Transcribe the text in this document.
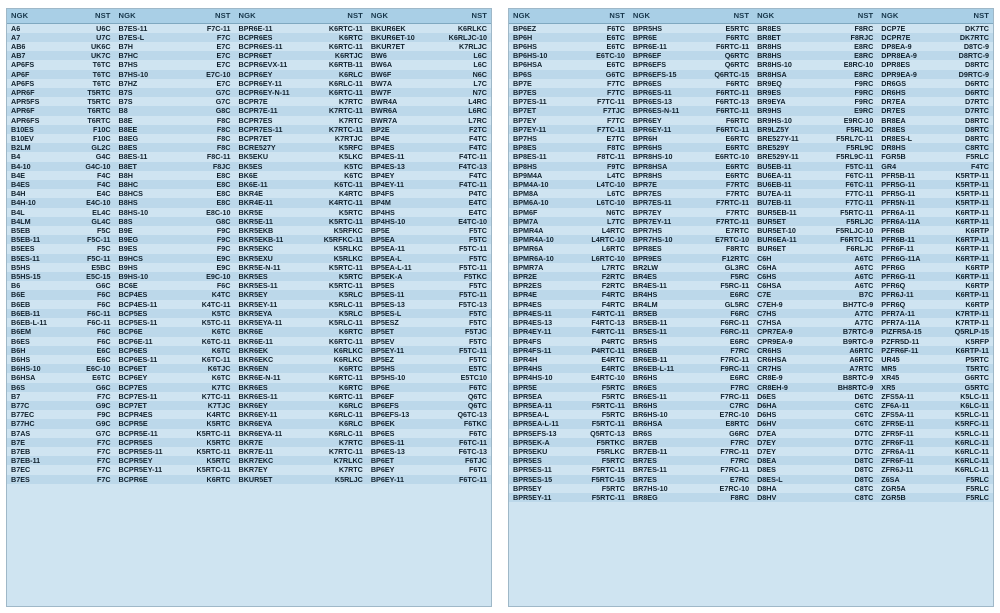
NGK	NST	NGK	NST	NGK	NST	NGK	NST
A6	U6C	B7ES-11	F7C-11	BPR6E-11	K6RTC-11	BKUR6EK	K6RLKC
A7	U7C	B7ES-L	F7C	BCPR6ES	K6RTC	BKUR6ET-10	K6RLJC-10
AB6	UK6C	B7H	E7C	BCPR6ES-11	K6RTC-11	BKUR7ET	K7RLJC
AB7	UK7C	B7HC	E7C	BCPR6ET	K6RTJC	BW6	L6C
AP6FS	T6TC	B7HS	E7C	BCPR6EVX-11	K6RTB-11	BW6A	L6C
AP6F	T6TC	B7HS-10	E7C-10	BCPR6EY	K6RLC	BW6F	N6C
AP6FS	T6TC	B7HZ	E7C	BCPR6EY-11	K6RLC-11	BW7A	L7C
APR6F	T5RTC	B7S	G7C	BCPR6EY-N-11	K6RTC-11	BW7F	N7C
APR5FS	T5RTC	B7S	G7C	BCPR7E	K7RTC	BWR4A	L4RC
APR6F	T6RTC	B8	G8C	BCPR7E-11	K7RTC-11	BWR6A	L6RC
APR6FS	T6RTC	B8E	F8C	BCPR7ES	K7RTC	BWR7A	L7RC
B10ES	F10C	B8EE	F8C	BCPR7ES-11	K7RTC-11	BP2E	F2TC
B10EV	F10C	B8EG	F8C	BCPR7ET	K7RTJC	BP4E	F4TC
B2LM	GL2C	B8ES	F8C	BCRE527Y	K5RFC	BP4ES	F4TC
B4	G4C	B8ES-11	F8C-11	BK5EKU	K5LKC	BP4ES-11	F4TC-11
B4-10	G4C-10	B8ET	F8JC	BK5ES	K5TC	BP4ES-13	F4TC-13
B4E	F4C	B8H	E8C	BK6E	K6TC	BP4EY	F4TC
B4ES	F4C	B8HC	E8C	BK6E-11	K6TC-11	BP4EY-11	F4TC-11
B4H	E4C	B8HCS	E8C	BKR4E	K4RTC	BP4FS	P4TC
B4H-10	E4C-10	B8HS	E8C	BKR4E-11	K4RTC-11	BP4M	E4TC
B4L	EL4C	B8HS-10	E8C-10	BKR5E	K5RTC	BP4HS	E4TC
B4LM	GL4C	B8S	G8C	BKR5E-11	K5RTC-11	BP4HS-10	E4TC-10
B5EB	F5C	B9E	F9C	BKR5EKB	K5RFKC	BP5E	F5TC
B5EB-11	F5C-11	B9EG	F9C	BKR5EKB-11	K5RFKC-11	BP5EA	F5TC
B5EES	F5C	B9ES	F9C	BKR5EKC	K5RLKC	BP5EA-11	F5TC-11
B5ES-11	F5C-11	B9HCS	E9C	BKR5EXU	K5RLKC	BP5EA-L	F5TC
B5HS	E5BC	B9HS	E9C	BKR5E-N-11	K5RTC-11	BP5EA-L-11	F5TC-11
B5HS-15	E5C-15	B9HS-10	E9C-10	BKR5ES	K5RTC	BP5EK-A	F5TKC
B6	G6C	BC6E	F6C	BKR5ES-11	K5RTC-11	BP5ES	F5TC
B6E	F6C	BCP4ES	K4TC	BKR5EY	K5RLC	BP5ES-11	F5TC-11
B6EB	F6C	BCP4ES-11	K4TC-11	BKR5EY-11	K5RLC-11	BP5ES-13	F5TC-13
B6EB-11	F6C-11	BCP5ES	K5TC	BKR5EYA	K5RLC	BP5ES-L	F5TC
B6EB-L-11	F6C-11	BCP5ES-11	K5TC-11	BKR5EYA-11	K5RLC-11	BP5ESZ	F5TC
B6EM	F6C	BCP6E	K6TC	BKR6E	K6RTC	BP5ET	F5TJC
B6ES	F6C	BCP6E-11	K6TC-11	BKR6E-11	K6RTC-11	BP5EV	F5TC
B6H	E6C	BCP6ES	K6TC	BKR6EK	K6RLKC	BP5EY-11	F5TC-11
B6HS	E6C	BCP6ES-11	K6TC-11	BKR6EKC	K6RLKC	BP5EZ	F5TC
B6HS-10	E6C-10	BCP6ET	K6TJC	BKR6EN	K6RTC	BP5HS	E5TC
B6HSA	E6TC	BCP6EY	K6TC	BKR6E-N-11	K6RTC-11	BP5HS-10	E5TC10
B6S	G6C	BCP7ES	K7TC	BKR6ES	K6RTC	BP6E	F6TC
B7	F7C	BCP7ES-11	K7TC-11	BKR6ES-11	K6RTC-11	BP6EF	Q6TC
B77C	G9C	BCP7ET	K7TJC	BKR6EY	K6RLC	BP6EFS	Q6TC
B77EC	F9C	BCPR4ES	K4RTC	BKR6EY-11	K6RLC-11	BP6EFS-13	Q6TC-13
B77HC	G9C	BCPR5E	K5RTC	BKR6EYA	K6RLC	BP6EK	F6TKC
B7AS	G7C	BCPR5E-11	K5RTC-11	BKR6EYA-11	K6RLC-11	BP6ES	F6TC
B7E	F7C	BCPR5ES	K5RTC	BKR7E	K7RTC	BP6ES-11	F6TC-11
B7EB	F7C	BCPR5ES-11	K5RTC-11	BKR7E-11	K7RTC-11	BP6ES-13	F6TC-13
B7EB-11	F7C	BCPR5EY	K5RTC	BKR7EKC	K7RLKC	BP6ET	F6TJC
B7EC	F7C	BCPR5EY-11	K5RTC-11	BKR7EY	K7RTC	BP6EY	F6TC
B7ES	F7C	BCPR6E	K6RTC	BKUR5ET	K5RLJC	BP6EY-11	F6TC-11
NGK	NST	NGK	NST	NGK	NST	NGK	NST
BP6EZ	F6TC	BPR5HS	E5RTC	BR8ES	F8RC	DCP7E	DK7TC
BP6H	E6TC	BPR6E	F6RTC	BR8ET	F8RJC	DCPR7E	DK7RTC
BP6HS	E6TC	BPR6E-11	F6RTC-11	BR8HS	E8RC	DP8EA-9	D8TC-9
BP6HS-10	E6TC-10	BPR6EF	Q6RTC	BR8HS	E8RC	DPR8EA-9	D8RTC-9
BP6HSA	E6TC	BPR6EFS	Q6RTC	BR8HS-10	E8RC-10	DPR8ES	D8RTC
BP6S	G6TC	BPR6EFS-15	Q6RTC-15	BR8HSA	E8RC	DPR9EA-9	D9RTC-9
BP7E	F7TC	BPR6ES	F6RTC	BR9EQ	F9RC	DR6GS	D6RTC
BP7ES	F7TC	BPR6ES-11	F6RTC-11	BR9ES	F9RC	DR6HS	D6RTC
BP7ES-11	F7TC-11	BPR6ES-13	F6RTC-13	BR9EYA	F9RC	DR7EA	D7RTC
BP7ET	F7TJC	BPR6ES-N-11	F6RTC-11	BR9HS	E9RC	DR7ES	D7RTC
BP7EY	F7TC	BPR6EY	F6RTC	BR9HS-10	E9RC-10	BR8EA	D8RTC
BP7EY-11	F7TC-11	BPR6EY-11	F6RTC-11	BR9LZ5Y	F5RLJC	DR8ES	D8RTC
BP7HS	E7TC	BPR6H	E6RTC	BRE527Y-11	F5RL7C-11	DR8ES-L	D8RTC
BP8ES	F8TC	BPR6HS	E6RTC	BRE529Y	F5RL9C	DR8HS	C8RTC
BP8ES-11	F8TC-11	BPR8HS-10	E6RTC-10	BRE529Y-11	F5RL9C-11	FGR5B	F5RLC
BP8HS	F9TC	BPR8HSA	E6RTC	BU5EB-11	F5TC-11	GR4	F4TC
BP9M4A	L4TC	BPR8HS	E6RTC	BU6EA-11	F6TC-11	PFR5B-11	K5RTP-11
BPM4A-10	L4TC-10	BPR7E	F7RTC	BU6EB-11	F6TC-11	PFR5G-11	K5RTP-11
BPM8A	L6TC	BPR7ES	F7RTC	BU7EA-11	F7TC-11	PFR5G-11	K5RTP-11
BPM6A-10	L6TC-10	BPR7ES-11	F7RTC-11	BU7EB-11	F7TC-11	PFR5N-11	K5RTP-11
BPM6F	N6TC	BPR7EY	F7RTC	BUR5EB-11	F5RTC-11	PFR6A-11	K6RTP-11
BPM7A	L7TC	BPR7EY-11	F7RTC-11	BUR5ET	F5RLJC	PFR6A-11A	K6RTP-11
BPMR4A	L4RTC	BPR7HS	E7RTC	BUR5ET-10	F5RLJC-10	PFR6B	K6RTP
BPMR4A-10	L4RTC-10	BPR7HS-10	E7RTC-10	BUR6EA-11	F6RTC-11	PFR6B-11	K6RTP-11
BPMR6A	L6RTC	BPR8ES	F8RTC	BUR6ET	F6RLJC	PFR6F-11	K6RTP-11
BPMR6A-10	L6RTC-10	BPR9ES	F12RTC	C6H	A6TC	PFR6G-11A	K6RTP-11
BPMR7A	L7RTC	BR2LW	GL3RC	C6HA	A6TC	PFR6G	K6RTP
BPR2E	F2RTC	BR4ES	F5RC	C6HS	A6TC	PFR6G-11	K6RTP-11
BPR2ES	F2RTC	BR4ES-11	F5RC-11	C6HSA	A6TC	PFR6Q	K6RTP
BPR4E	F4RTC	BR4HS	E6RC	C7E	B7C	PFR6J-11	K6RTP-11
BPR4ES	F4RTC	BR4LM	GL5RC	C7EH-9	BH7TC-9	PFR6Q	K6RTP
BPR4ES-11	F4RTC-11	BR5EB	F6RC	C7HS	A7TC	PFR7A-11	K7RTP-11
BPR4ES-13	F4RTC-13	BR5EB-11	F6RC-11	C7HSA	A7TC	PFR7A-11A	K7RTP-11
BPR4EY-11	F4RTC-11	BR5ES-11	F6RC-11	CPR7EA-9	B7RTC-9	PIZFR5A-15	Q5RLP-15
BPR4FS	P4RTC	BR5HS	E6RC	CPR9EA-9	B9RTC-9	PZFR5D-11	K5RFP
BPR4FS-11	P4RTC-11	BR6EB	F7RC	CR6HS	A6RTC	PZFR6F-11	K6RTP-11
BPR4H	E4RTC	BR6EB-11	F7RC-11	CR6HSA	A6RTC	UR45	P5RTC
BPR4HS	E4RTC	BR6EB-L-11	F9RC-11	CR7HS	A7RTC	MR5	T5RTC
BPR4HS-10	E4RTC-10	BR6HS	E6RC	CR8E-9	B8RTC-9	XR45	G6RTC
BPR5E	F5RTC	BR6ES	F7RC	CR8EH-9	BH8RTC-9	XR5	G5RTC
BPR5EA	F5RTC	BR6ES-11	F7RC-11	D6ES	D6TC	ZFS5A-11	K5LC-11
BPR5EA-11	F5RTC-11	BR6HS	C7RC	D6HA	C6TC	ZF6A-11	K6LC-11
BPR5EA-L	F5RTC	BR6HS-10	E7RC-10	D6HS	C6TC	ZFS5A-11	K5RLC-11
BPR5EA-L-11	F5RTC-11	BR6HSA	E8RTC	D6HV	C6TC	ZFR5E-11	K5RFC-11
BPR5EFS-13	Q5RTC-13	BR6S	G6RC	D7EA	D7TC	ZFR5F-11	K5RLC-11
BPR5EK-A	F5RTKC	BR7EB	F7RC	D7EY	D7TC	ZFR6F-11	K6RLC-11
BPR5EKU	F5RLKC	BR7EB-11	F7RC-11	D7EY	D7TC	ZFR6A-11	K6RLC-11
BPR5ES	F5RTC	BR7ES	F7RC	D8EA	D8TC	ZFR6F-11	K6RLC-11
BPR5ES-11	F5RTC-11	BR7ES-11	F7RC-11	D8ES	D8TC	ZFR6J-11	K6RLC-11
BPR5ES-15	F5RTC-15	BR7ES	E7RC	D8ES-L	D8TC	Z6SA	F5RLC
BPR5EY	F5RTC	BR7HS-10	E7RC-10	D8HA	C8TC	ZGR5A	F5RLC
BPR5EY-11	F5RTC-11	BR8EG	F8RC	D8HV	C8TC	ZGR5B	F5RLC
